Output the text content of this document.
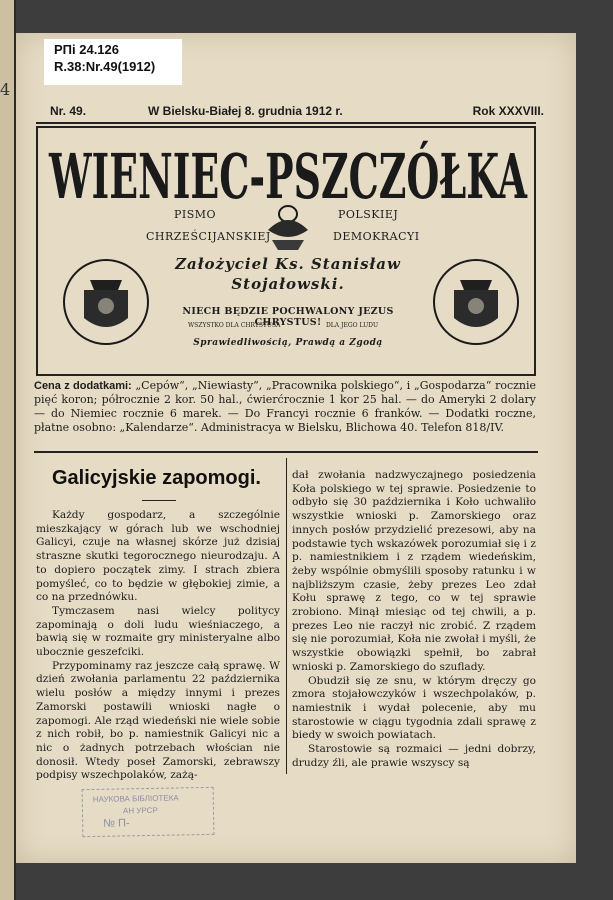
4
РПі 24.126
R.38:Nr.49(1912)
Nr. 49.	W Bielsku-Białej 8. grudnia 1912 r.	Rok XXXVIII.
WIENIEC-PSZCZÓŁKA
PISMO
CHRZEŚCIJANSKIEJ
POLSKIEJ
DEMOKRACYI
Założyciel Ks. Stanisław
Stojałowski.
NIECH BĘDZIE POCHWALONY JEZUS CHRYSTUS!
WSZYSTKO DLA CHRYSTUSA	DLA JEGO LUDU
Sprawiedliwością, Prawdą a Zgodą
Cena z dodatkami: „Cepów“, „Niewiasty“, „Pracownika polskiego“, i „Gospodarza“ rocznie pięć koron; półrocznie 2 kor. 50 hal., ćwierćrocznie 1 kor 25 hal. — do Ameryki 2 dolary — do Niemiec rocznie 6 marek. — Do Francyi rocznie 6 franków. — Dodatki roczne, płatne osobno: „Kalendarze“. Administracya w Bielsku, Blichowa 40. Telefon 818/IV.
Galicyjskie zapomogi.

Każdy gospodarz, a szczególnie mieszkający w górach lub we wschodniej Galicyi, czuje na własnej skórze już dzisiaj straszne skutki tegorocznego nieurodzaju. A to dopiero początek zimy. I strach zbiera pomyśleć, co to będzie w głębokiej zimie, a co na przednówku.

Tymczasem nasi wielcy politycy zapominają o doli ludu wieśniaczego, a bawią się w rozmaite gry ministeryalne albo ubocznie geszefciki.

Przypominamy raz jeszcze całą sprawę. W dzień zwołania parlamentu 22 października wielu posłów a między innymi i prezes Zamorski postawili wnioski nagłe o zapomogi. Ale rząd wiedeński nie wiele sobie z nich robił, bo p. namiestnik Galicyi nic a nic o żadnych potrzebach włościan nie donosił. Wtedy poseł Zamorski, zebrawszy podpisy wszechpolaków, zażą-

dał zwołania nadzwyczajnego posiedzenia Koła polskiego w tej sprawie. Posiedzenie to odbyło się 30 października i Koło uchwaliło wszystkie wnioski p. Zamorskiego oraz innych posłów przydzielić prezesowi, aby na podstawie tych wskazówek porozumiał się i z p. namiestnikiem i z rządem wiedeńskim, żeby wspólnie obmyślili sposoby ratunku i w najbliższym czasie, żeby prezes Leo zdał Kołu sprawę z tego, co w tej sprawie zrobiono. Minął miesiąc od tej chwili, a p. prezes Leo nie raczył nic zrobić. Z rządem się nie porozumiał, Koła nie zwołał i myśli, że wszystkie obowiązki spełnił, bo zabrał wnioski p. Zamorskiego do szuflady.

Obudził się ze snu, w którym dręczy go zmora stojałowczyków i wszechpolaków, p. namiestnik i wydał polecenie, aby mu starostowie w ciągu tygodnia zdali sprawę z biedy w swoich powiatach.

Starostowie są rozmaici — jedni dobrzy, drudzy źli, ale prawie wszyscy są

НАУКОВА БІБЛІОТЕКА
АН УРСР
№ П-
